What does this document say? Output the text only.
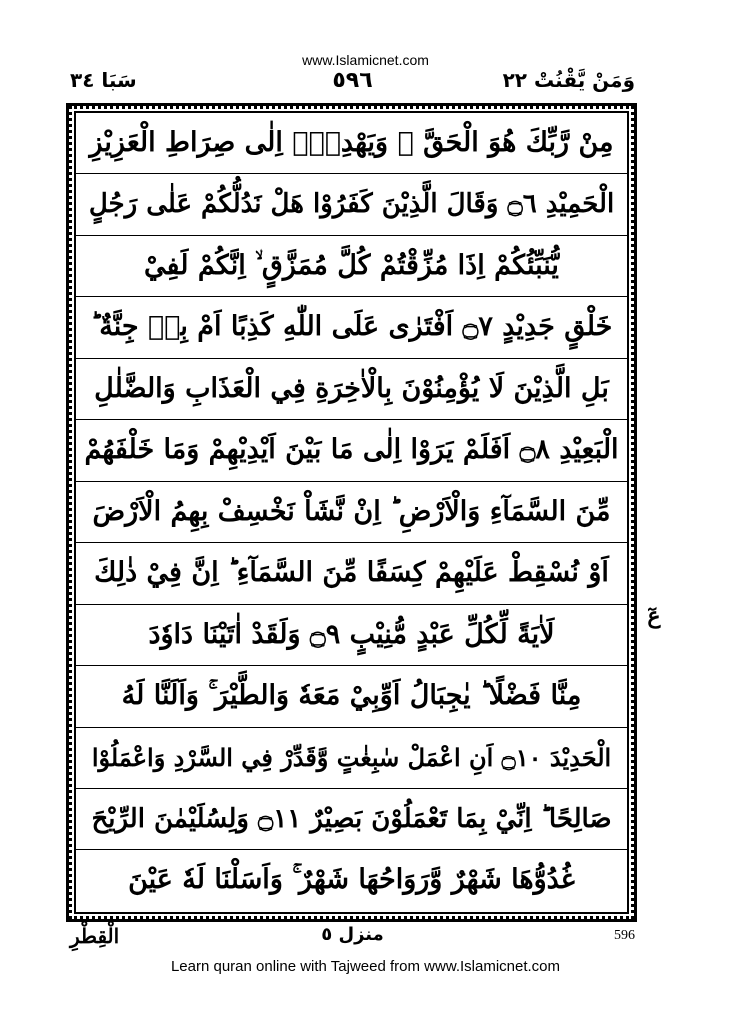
www.Islamicnet.com
سَبَا ٣٤	٥٩٦	وَمَنْ يَّقْنُتْ ٢٢
مِنْ رَّبِّكَ هُوَ الْحَقَّ ۙ وَيَهْدِيْۤ اِلٰى صِرَاطِ الْعَزِيْزِ
الْحَمِيْدِ ۝٦ وَقَالَ الَّذِيْنَ كَفَرُوْا هَلْ نَدُلُّكُمْ عَلٰى رَجُلٍ
يُّنَبِّئُكُمْ اِذَا مُزِّقْتُمْ كُلَّ مُمَزَّقٍ ۙ اِنَّكُمْ لَفِيْ
خَلْقٍ جَدِيْدٍ ۝٧ اَفْتَرٰى عَلَى اللّٰهِ كَذِبًا اَمْ بِهٖ جِنَّةٌ ؕ
بَلِ الَّذِيْنَ لَا يُؤْمِنُوْنَ بِالْاٰخِرَةِ فِي الْعَذَابِ وَالضَّلٰلِ
الْبَعِيْدِ ۝٨ اَفَلَمْ يَرَوْا اِلٰى مَا بَيْنَ اَيْدِيْهِمْ وَمَا خَلْفَهُمْ
مِّنَ السَّمَآءِ وَالْاَرْضِ ؕ اِنْ نَّشَاْ نَخْسِفْ بِهِمُ الْاَرْضَ
اَوْ نُسْقِطْ عَلَيْهِمْ كِسَفًا مِّنَ السَّمَآءِ ؕ اِنَّ فِيْ ذٰلِكَ
لَاٰيَةً لِّكُلِّ عَبْدٍ مُّنِيْبٍ ۝٩ وَلَقَدْ اٰتَيْنَا دَاوٗدَ
مِنَّا فَضْلًا ؕ يٰجِبَالُ اَوِّبِيْ مَعَهٗ وَالطَّيْرَ ۚ وَاَلَنَّا لَهُ
الْحَدِيْدَ ۝١٠ اَنِ اعْمَلْ سٰبِغٰتٍ وَّقَدِّرْ فِي السَّرْدِ وَاعْمَلُوْا
صَالِحًا ؕ اِنِّيْ بِمَا تَعْمَلُوْنَ بَصِيْرٌ ۝١١ وَلِسُلَيْمٰنَ الرِّيْحَ
غُدُوُّهَا شَهْرٌ وَّرَوَاحُهَا شَهْرٌ ۚ وَاَسَلْنَا لَهٗ عَيْنَ
عٓ
الْقِطْرِ	منزل ٥	596
Learn quran online with Tajweed from www.Islamicnet.com
